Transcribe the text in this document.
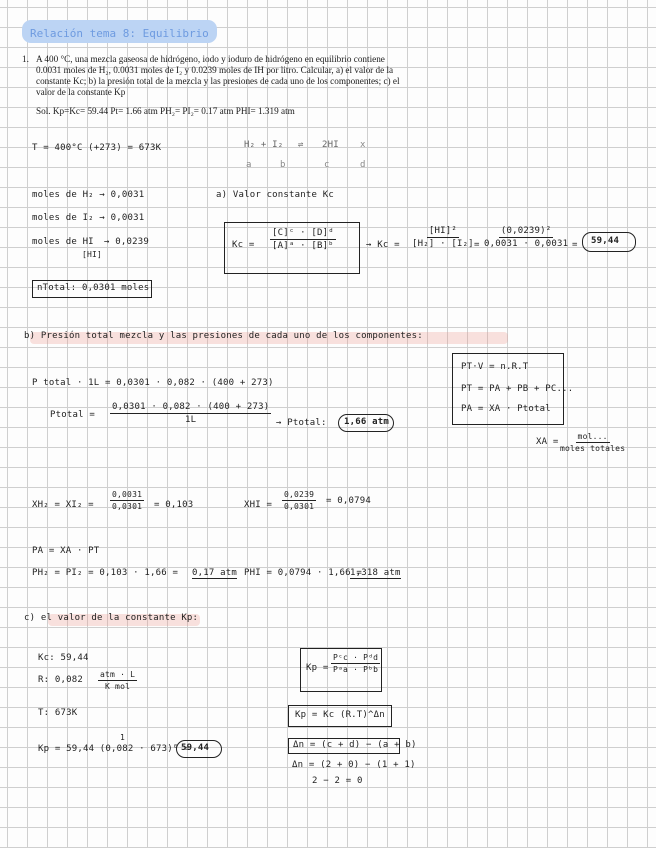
Relación tema 8: Equilibrio
1. A 400 °C, una mezcla gaseosa de hidrógeno, iodo y ioduro de hidrógeno en equilibrio contiene 0.0031 moles de H₂, 0.0031 moles de I₂ y 0.0239 moles de IH por litro. Calcular, a) el valor de la constante Kc; b) la presión total de la mezcla y las presiones de cada uno de los componentes; c) el valor de la constante Kp
Sol. Kp=Kc= 59.44 Pt= 1.66 atm PH₂= PI₂= 0.17 atm PHI= 1.319 atm
T = 400°C (+273) = 673K	H₂ + I₂ ⇌ 2HI
a	b	c	d
x
moles de H₂ → 0,0031
moles de I₂ → 0,0031
moles de HI
[HI]
→ 0,0239
nTotal: 0,0301 moles
a) Valor constante Kc
$Kc = \frac{\text{[C]ᶜ · [D]ᵈ}}{\text{[A]ᵃ · [B]ᵇ}}$	→ $Kc = \frac{\text{[HI]²}}{\text{[H₂] · [I₂]}} = \frac{\text{(0,0239)²}}{0,0031 \cdot 0,0031} = 59,44$
b) Presión total mezcla y las presiones de cada uno de los componentes:
P total · 1L = 0,0301 · 0,082 · (400 + 273)
Ptotal = $\frac{0,0301 \cdot 0,082 \cdot (400 + 273)}{1L}$ → Ptotal: 1,66 atm
PT·V = n.R.T
PT = PA + PB + PC...
PA = XA · Ptotal
XA =
mol...
moles totales
$XH_2 = XI_2 = \frac{0,0031}{0,0301} = 0,103$	XHI = $\frac{0,0239}{0,0301} = 0,0794$
PA = XA · PT
PH₂ = PI₂ = 0,103 · 1,66 = 0,17 atm PHI = 0,0794 · 1,66 =
1,318 atm
c) el valor de la constante Kp:
Kc: 59,44
R: 0,082
atm · L
K mol
T: 673K
1
Kp = 59,44 (0,082 · 673)⁰ =
59,44
Kp =
Pᶜc · Pᵈd
Pᵃa · Pᵇb
Kp = Kc (R.T)^Δn
Δn = (c + d) − (a + b)
Δn = (2 + 0) − (1 + 1)
2 − 2 = 0
